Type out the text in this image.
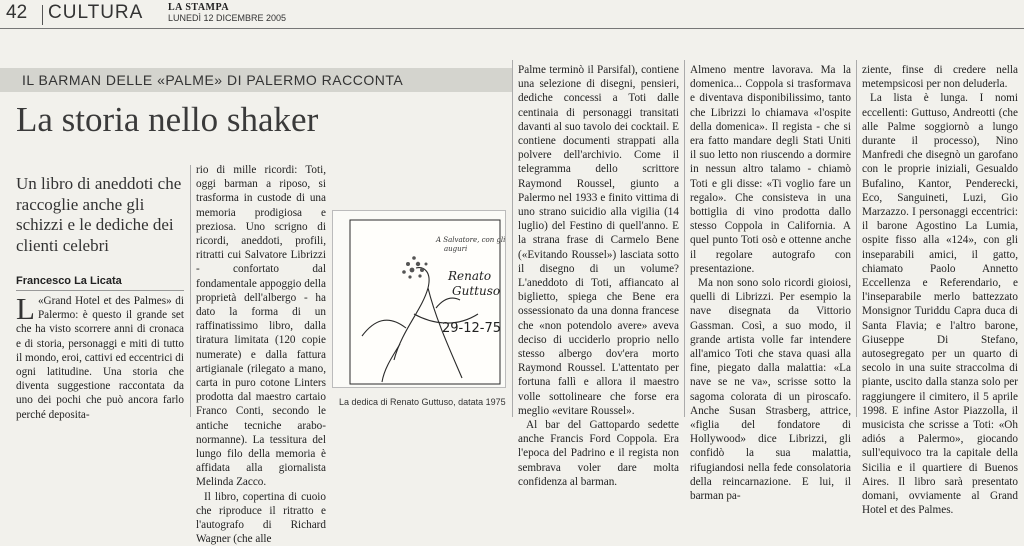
42 CULTURA LA STAMPA
LUNEDÌ 12 DICEMBRE 2005
IL BARMAN DELLE «PALME» DI PALERMO RACCONTA
La storia nello shaker
Un libro di aneddoti che raccoglie anche gli schizzi e le dediche dei clienti celebri
Francesco La Licata
L «Grand Hotel et des Palmes» di Palermo: è questo il grande set che ha visto scorrere anni di cronaca e di storia, personaggi e miti di tutto il mondo, eroi, cattivi ed eccentrici di ogni latitudine. Una storia che diventa suggestione raccontata da uno dei pochi che può ancora farlo perché deposita-

rio di mille ricordi: Toti, oggi barman a riposo, si trasforma in custode di una memoria prodigiosa e preziosa. Uno scrigno di ricordi, aneddoti, profili, ritratti cui Salvatore Librizzi - confortato dal fondamentale appoggio della proprietà dell'albergo - ha dato la forma di un raffinatissimo libro, dalla tiratura limitata (120 copie numerate) e dalla fattura artigianale (rilegato a mano, carta in puro cotone Linters prodotta dal maestro cartaio Franco Conti, secondo le antiche tecniche arabo-normanne). La tessitura del lungo filo della memoria è affidata alla giornalista Melinda Zacco.

Il libro, copertina di cuoio che riproduce il ritratto e l'autografo di Richard Wagner (che alle

A Salvatore, con gli
auguri
Renato
Guttuso
29-12-75
La dedica di Renato Guttuso, datata 1975

Palme terminò il Parsifal), contiene una selezione di disegni, pensieri, dediche concessi a Toti dalle centinaia di personaggi transitati davanti al suo tavolo dei cocktail. E contiene documenti strappati alla polvere dell'archivio. Come il telegramma dello scrittore Raymond Roussel, giunto a Palermo nel 1933 e finito vittima di uno strano suicidio alla vigilia (14 luglio) del Festino di quell'anno. E la strana frase di Carmelo Bene («Evitando Roussel») lasciata sotto il disegno di un volume? L'aneddoto di Toti, affiancato al biglietto, spiega che Bene era ossessionato da una donna francese che «non potendolo avere» aveva deciso di ucciderlo proprio nello stesso albergo dov'era morto Raymond Roussel. L'attentato per fortuna fallì e allora il maestro volle sottolineare che forse era meglio «evitare Roussel».

Al bar del Gattopardo sedette anche Francis Ford Coppola. Era l'epoca del Padrino e il regista non sembrava voler dare molta confidenza al barman.

Almeno mentre lavorava. Ma la domenica... Coppola si trasformava e diventava disponibilissimo, tanto che Librizzi lo chiamava «l'ospite della domenica». Il regista - che si era fatto mandare degli Stati Uniti il suo letto non riuscendo a dormire in nessun altro talamo - chiamò Toti e gli disse: «Ti voglio fare un regalo». Che consisteva in una bottiglia di vino prodotta dallo stesso Coppola in California. A quel punto Toti osò e ottenne anche il regolare autografo con presentazione.

Ma non sono solo ricordi gioiosi, quelli di Librizzi. Per esempio la nave disegnata da Vittorio Gassman. Così, a suo modo, il grande artista volle far intendere all'amico Toti che stava quasi alla fine, piegato dalla malattia: «La nave se ne va», scrisse sotto la sagoma colorata di un piroscafo. Anche Susan Strasberg, attrice, «figlia del fondatore di Hollywood» dice Librizzi, gli confidò la sua malattia, rifugiandosi nella fede consolatoria della reincarnazione. E lui, il barman pa-

ziente, finse di credere nella metempsicosi per non deluderla.

La lista è lunga. I nomi eccellenti: Guttuso, Andreotti (che alle Palme soggiornò a lungo durante il processo), Nino Manfredi che disegnò un garofano con le proprie iniziali, Gesualdo Bufalino, Kantor, Penderecki, Eco, Sanguineti, Luzi, Gio Marzazzo. I personaggi eccentrici: il barone Agostino La Lumia, ospite fisso alla «124», con gli inseparabili amici, il gatto, chiamato Paolo Annetto Eccellenza e Referendario, e l'inseparabile merlo battezzato Monsignor Turiddu Capra duca di Santa Flavia; e l'altro barone, Giuseppe Di Stefano, autosegregato per un quarto di secolo in una suite straccolma di piante, uscito dalla stanza solo per raggiungere il cimitero, il 5 aprile 1998. E infine Astor Piazzolla, il musicista che scrisse a Toti: «Oh adiós a Palermo», giocando sull'equivoco tra la capitale della Sicilia e il quartiere di Buenos Aires. Il libro sarà presentato domani, ovviamente al Grand Hotel et des Palmes.
